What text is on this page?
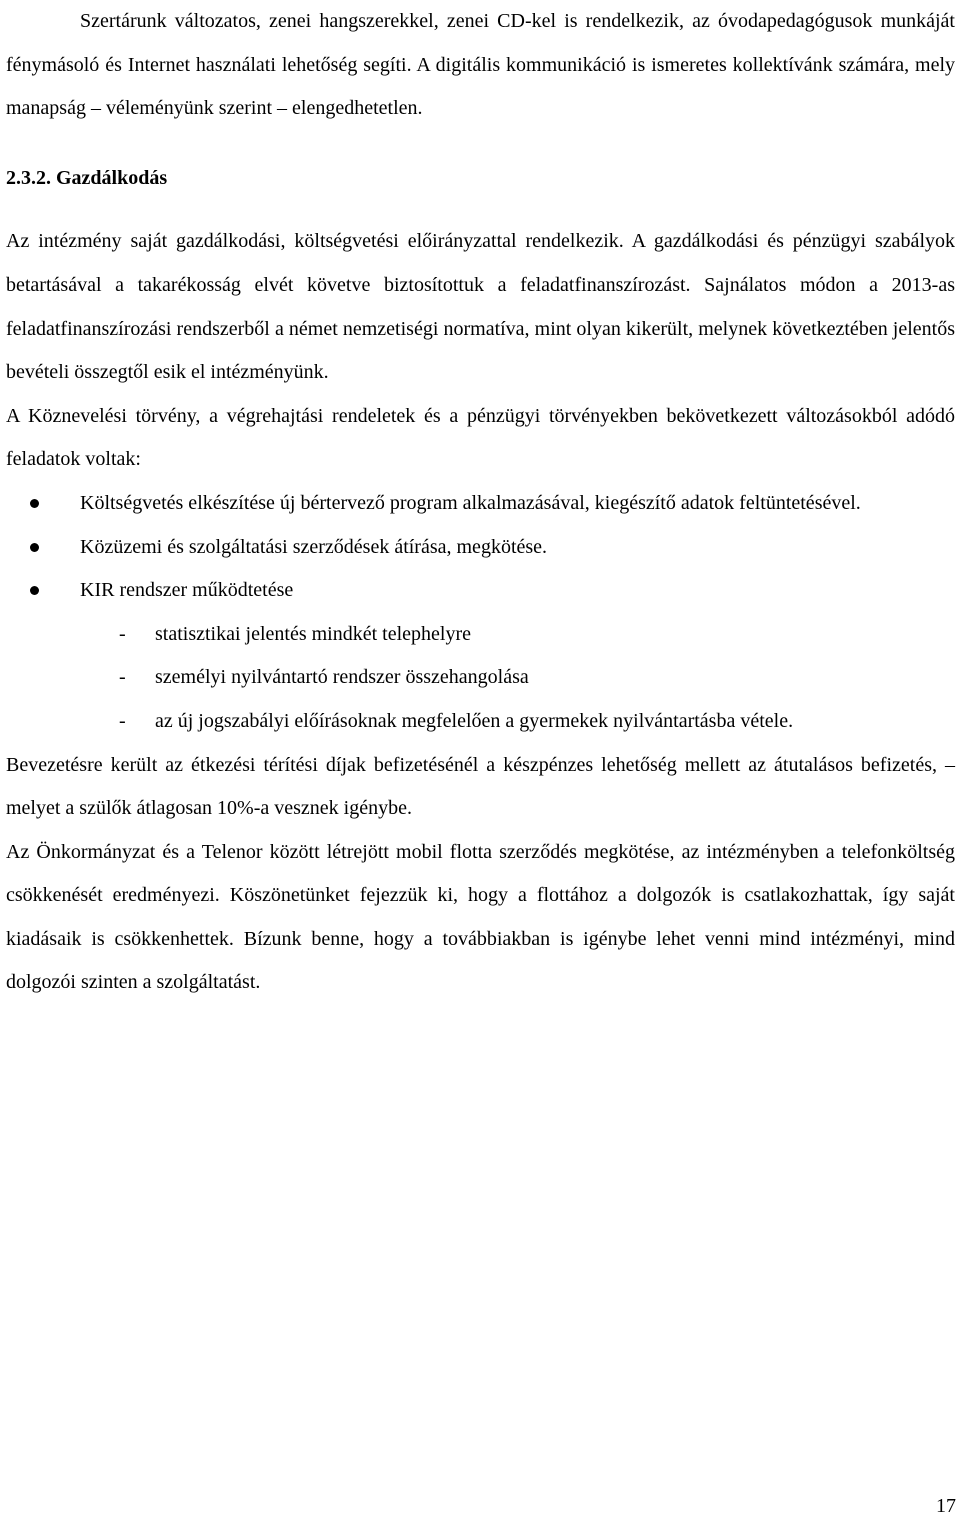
Szertárunk változatos, zenei hangszerekkel, zenei CD-kel is rendelkezik, az óvodapedagógusok munkáját fénymásoló és Internet használati lehetőség segíti. A digitális kommunikáció is ismeretes kollektívánk számára, mely manapság – véleményünk szerint – elengedhetetlen.

2.3.2. Gazdálkodás

Az intézmény saját gazdálkodási, költségvetési előirányzattal rendelkezik. A gazdálkodási és pénzügyi szabályok betartásával a takarékosság elvét követve biztosítottuk a feladatfinanszírozást. Sajnálatos módon a 2013-as feladatfinanszírozási rendszerből a német nemzetiségi normatíva, mint olyan kikerült, melynek következtében jelentős bevételi összegtől esik el intézményünk.

A Köznevelési törvény, a végrehajtási rendeletek és a pénzügyi törvényekben bekövetkezett változásokból adódó feladatok voltak:

Költségvetés elkészítése új bértervező program alkalmazásával, kiegészítő adatok feltüntetésével.
Közüzemi és szolgáltatási szerződések átírása, megkötése.
KIR rendszer működtetése
- statisztikai jelentés mindkét telephelyre
- személyi nyilvántartó rendszer összehangolása
- az új jogszabályi előírásoknak megfelelően a gyermekek nyilvántartásba vétele.

Bevezetésre került az étkezési térítési díjak befizetésénél a készpénzes lehetőség mellett az átutalásos befizetés, – melyet a szülők átlagosan 10%-a vesznek igénybe.

Az Önkormányzat és a Telenor között létrejött mobil flotta szerződés megkötése, az intézményben a telefonköltség csökkenését eredményezi. Köszönetünket fejezzük ki, hogy a flottához a dolgozók is csatlakozhattak, így saját kiadásaik is csökkenhettek. Bízunk benne, hogy a továbbiakban is igénybe lehet venni mind intézményi, mind dolgozói szinten a szolgáltatást.

17
